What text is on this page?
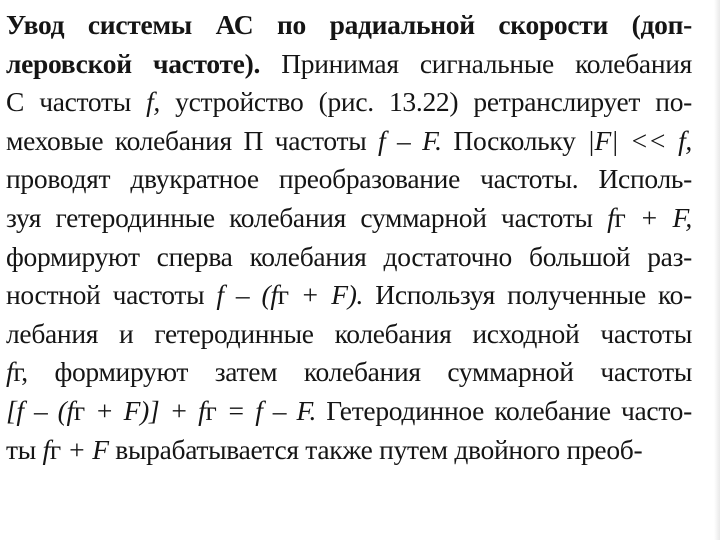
Увод системы АС по радиальной скорости (доп-
леровской частоте). Принимая сигнальные колебания
С частоты f, устройство (рис. 13.22) ретранслирует по-
меховые колебания П частоты f – F. Поскольку |F| << f,
проводят двукратное преобразование частоты. Исполь-
зуя гетеродинные колебания суммарной частоты fг + F,
формируют сперва колебания достаточно большой раз-
ностной частоты f – (fг + F). Используя полученные ко-
лебания и гетеродинные колебания исходной частоты
fг, формируют затем колебания суммарной частоты
[f – (fг + F)] + fг = f – F. Гетеродинное колебание часто-
ты fг + F вырабатывается также путем двойного преоб-
